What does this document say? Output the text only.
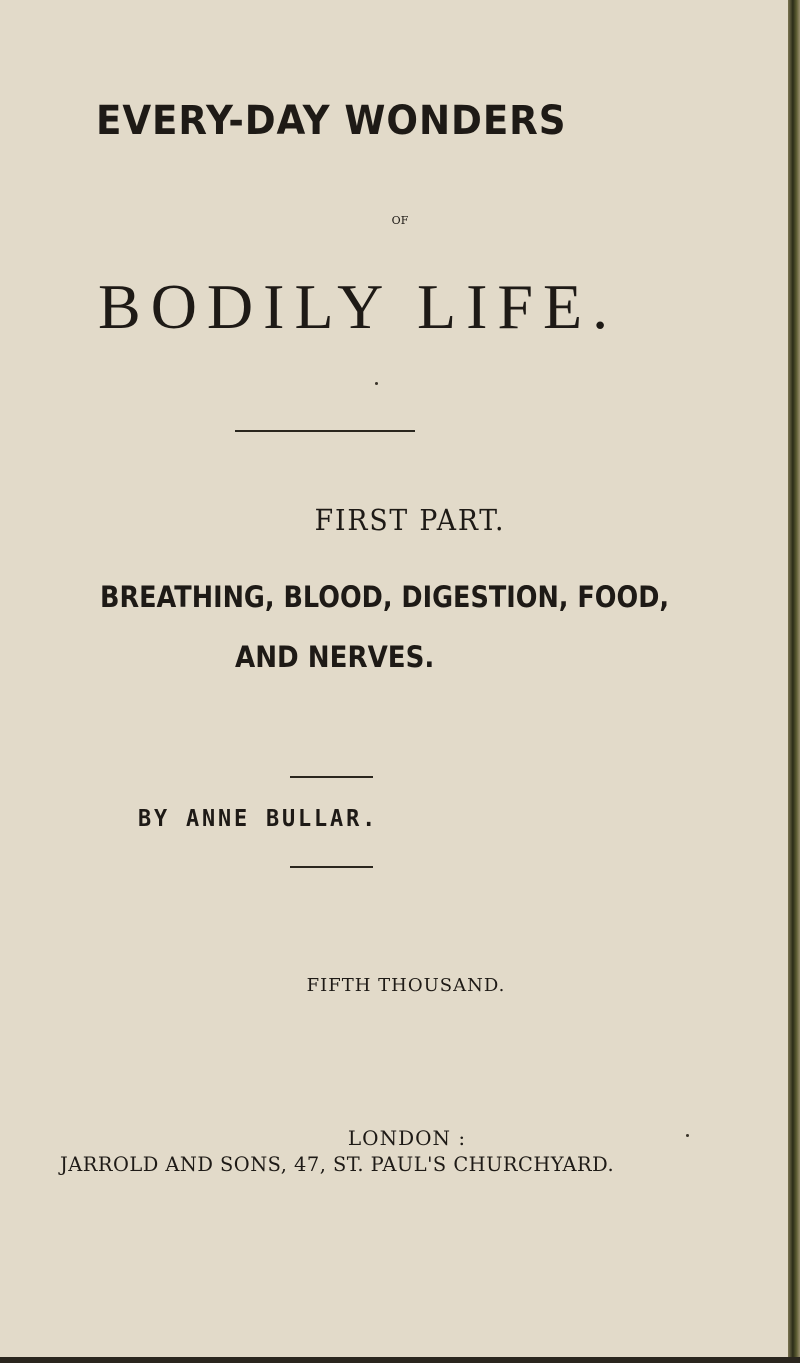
EVERY-DAY WONDERS
OF
BODILY LIFE.
FIRST PART.
BREATHING, BLOOD, DIGESTION, FOOD,
AND NERVES.
BY ANNE BULLAR.
FIFTH THOUSAND.
LONDON :
JARROLD AND SONS, 47, ST. PAUL'S CHURCHYARD.
